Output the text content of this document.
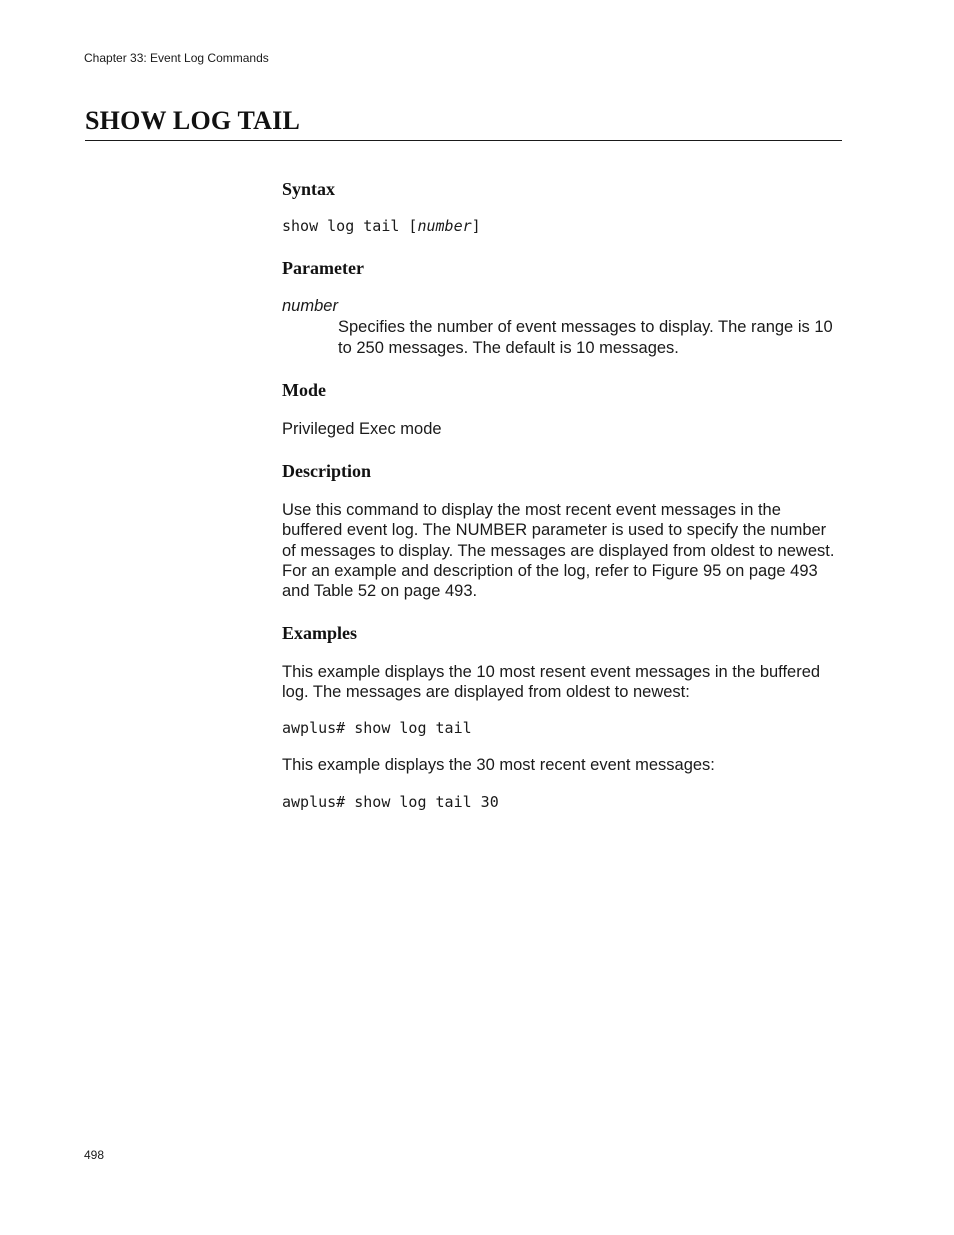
Chapter 33: Event Log Commands
SHOW LOG TAIL
Syntax
show log tail [number]
Parameter
number
Specifies the number of event messages to display. The range is 10 to 250 messages. The default is 10 messages.
Mode

Privileged Exec mode

Description

Use this command to display the most recent event messages in the buffered event log. The NUMBER parameter is used to specify the number of messages to display. The messages are displayed from oldest to newest. For an example and description of the log, refer to Figure 95 on page 493 and Table 52 on page 493.

Examples

This example displays the 10 most resent event messages in the buffered log. The messages are displayed from oldest to newest:

awplus# show log tail

This example displays the 30 most recent event messages:

awplus# show log tail 30
498
